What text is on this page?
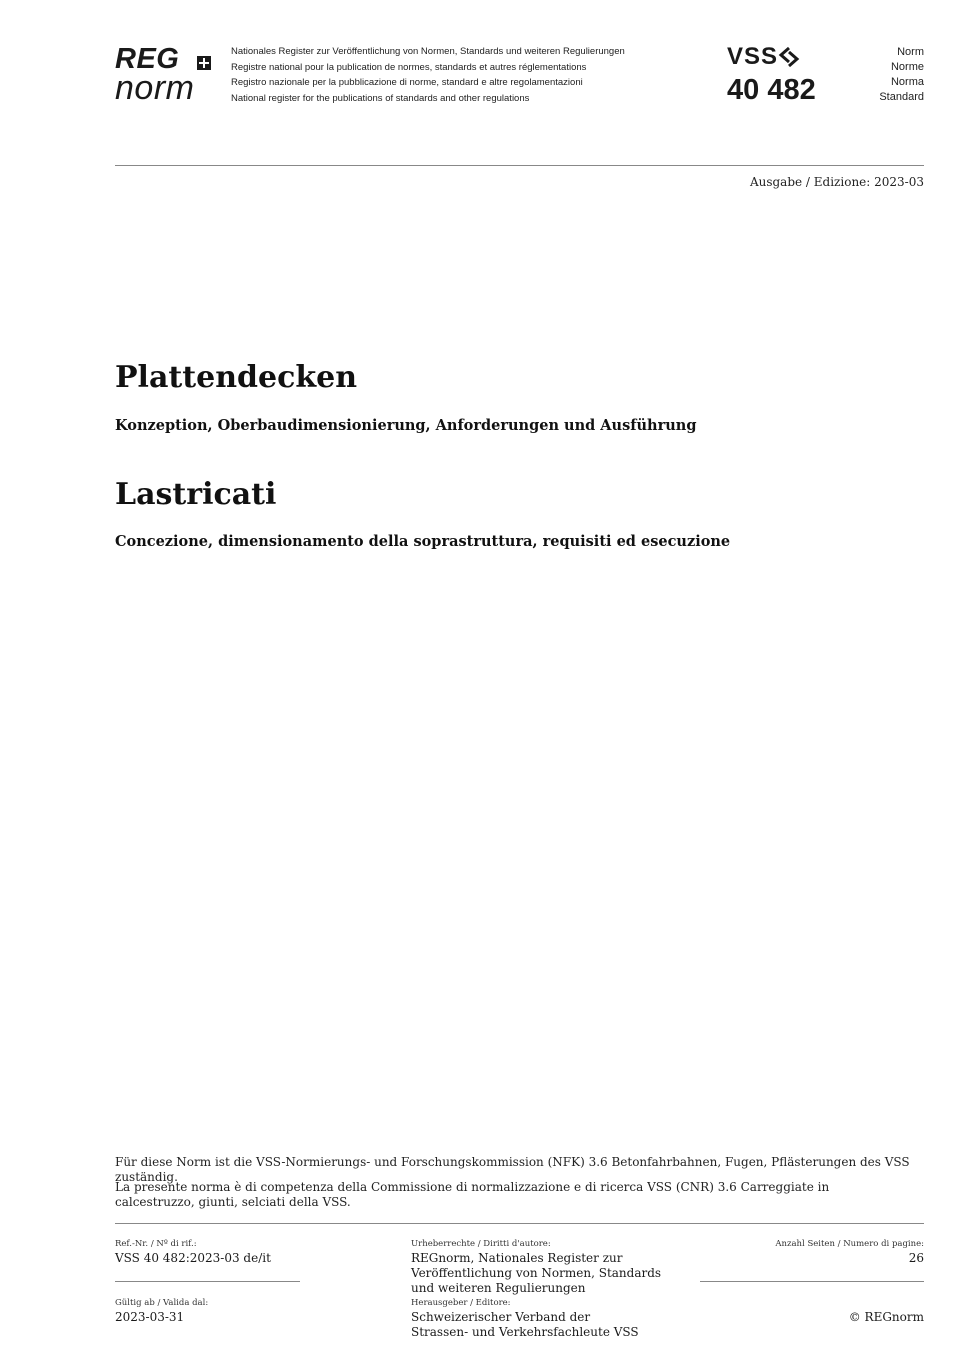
REG
norm
Nationales Register zur Veröffentlichung von Normen, Standards und weiteren Regulierungen
Registre national pour la publication de normes, standards et autres réglementations
Registro nazionale per la pubblicazione di norme, standard e altre regolamentazioni
National register for the publications of standards and other regulations
VSS
40 482
Norm
Norme
Norma
Standard
Ausgabe / Edizione: 2023-03
Plattendecken
Konzeption, Oberbaudimensionierung, Anforderungen und Ausführung
Lastricati
Concezione, dimensionamento della soprastruttura, requisiti ed esecuzione
Für diese Norm ist die VSS-Normierungs- und Forschungskommission (NFK) 3.6 Betonfahrbahnen, Fugen, Pflästerungen des VSS zuständig.
La presente norma è di competenza della Commissione di normalizzazione e di ricerca VSS (CNR) 3.6 Carreggiate in calcestruzzo, giunti, selciati della VSS.
Ref.-Nr. / Nº di rif.:
VSS 40 482:2023-03 de/it
Gültig ab / Valida dal:
2023-03-31
Urheberrechte / Diritti d'autore:
REGnorm, Nationales Register zur
Veröffentlichung von Normen, Standards
und weiteren Regulierungen
Herausgeber / Editore:
Schweizerischer Verband der
Strassen- und Verkehrsfachleute VSS
Anzahl Seiten / Numero di pagine:
26
© REGnorm
